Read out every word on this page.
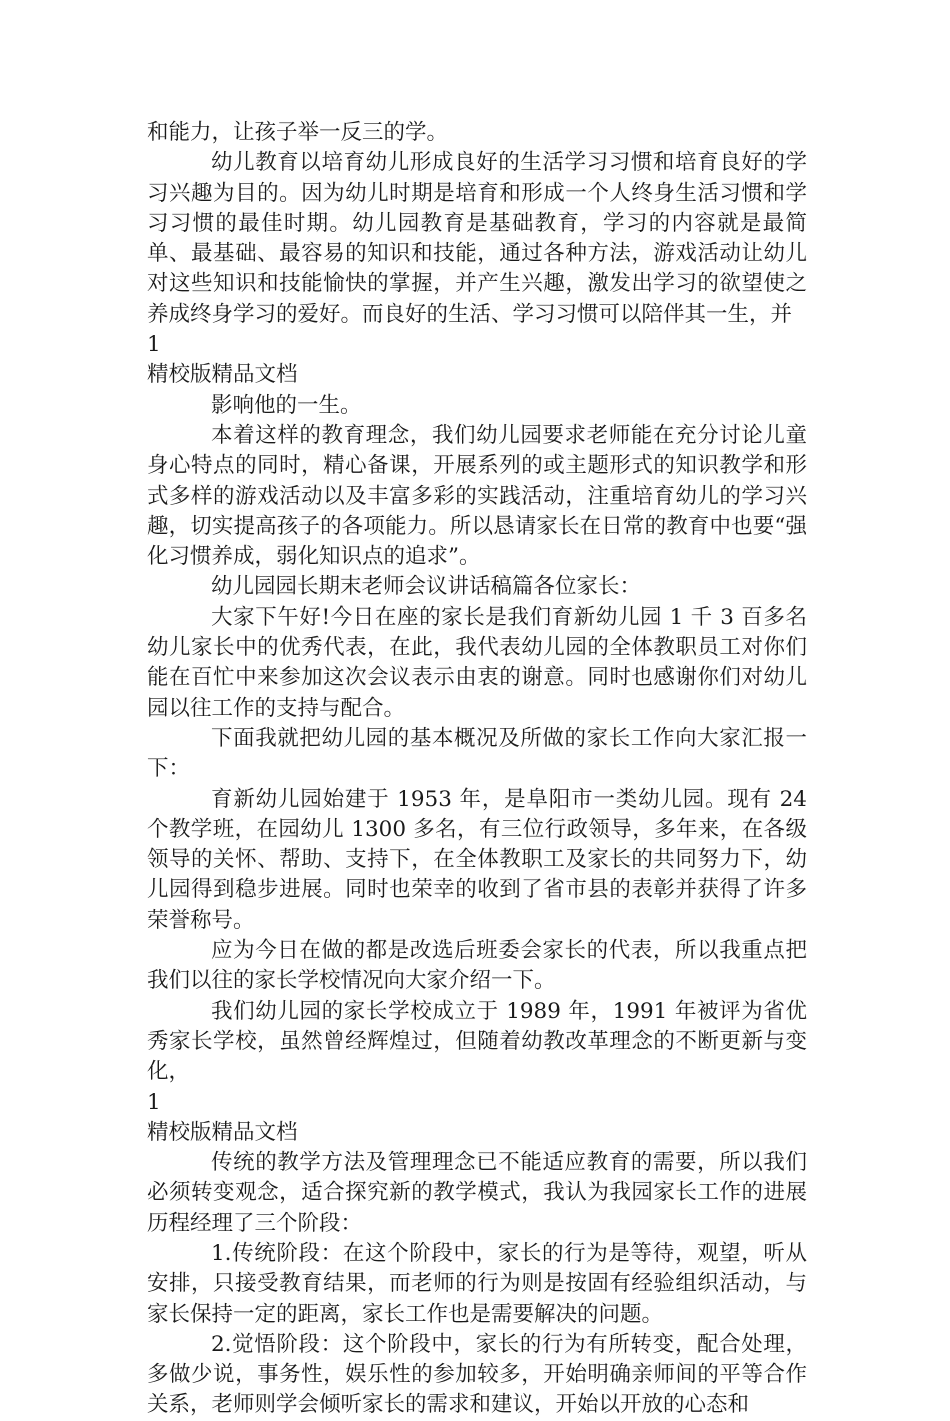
和能力，让孩子举一反三的学。

幼儿教育以培育幼儿形成良好的生活学习习惯和培育良好的学习兴趣为目的。因为幼儿时期是培育和形成一个人终身生活习惯和学习习惯的最佳时期。幼儿园教育是基础教育，学习的内容就是最简单、最基础、最容易的知识和技能，通过各种方法，游戏活动让幼儿对这些知识和技能愉快的掌握，并产生兴趣，激发出学习的欲望使之养成终身学习的爱好。而良好的生活、学习习惯可以陪伴其一生，并

1

精校版精品文档

影响他的一生。

本着这样的教育理念，我们幼儿园要求老师能在充分讨论儿童身心特点的同时，精心备课，开展系列的或主题形式的知识教学和形式多样的游戏活动以及丰富多彩的实践活动，注重培育幼儿的学习兴趣，切实提高孩子的各项能力。所以恳请家长在日常的教育中也要“强化习惯养成，弱化知识点的追求”。

幼儿园园长期末老师会议讲话稿篇各位家长：

大家下午好!今日在座的家长是我们育新幼儿园 1 千 3 百多名幼儿家长中的优秀代表，在此，我代表幼儿园的全体教职员工对你们能在百忙中来参加这次会议表示由衷的谢意。同时也感谢你们对幼儿园以往工作的支持与配合。

下面我就把幼儿园的基本概况及所做的家长工作向大家汇报一下：

育新幼儿园始建于 1953 年，是阜阳市一类幼儿园。现有 24 个教学班，在园幼儿 1300 多名，有三位行政领导，多年来，在各级领导的关怀、帮助、支持下，在全体教职工及家长的共同努力下，幼儿园得到稳步进展。同时也荣幸的收到了省市县的表彰并获得了许多荣誉称号。

应为今日在做的都是改选后班委会家长的代表，所以我重点把我们以往的家长学校情况向大家介绍一下。

我们幼儿园的家长学校成立于 1989 年，1991 年被评为省优秀家长学校，虽然曾经辉煌过，但随着幼教改革理念的不断更新与变化，

1

精校版精品文档

传统的教学方法及管理理念已不能适应教育的需要，所以我们必须转变观念，适合探究新的教学模式，我认为我园家长工作的进展历程经理了三个阶段：

1.传统阶段：在这个阶段中，家长的行为是等待，观望，听从安排，只接受教育结果，而老师的行为则是按固有经验组织活动，与家长保持一定的距离，家长工作也是需要解决的问题。

2.觉悟阶段：这个阶段中，家长的行为有所转变，配合处理，多做少说，事务性，娱乐性的参加较多，开始明确亲师间的平等合作关系，老师则学会倾听家长的需求和建议，开始以开放的心态和
